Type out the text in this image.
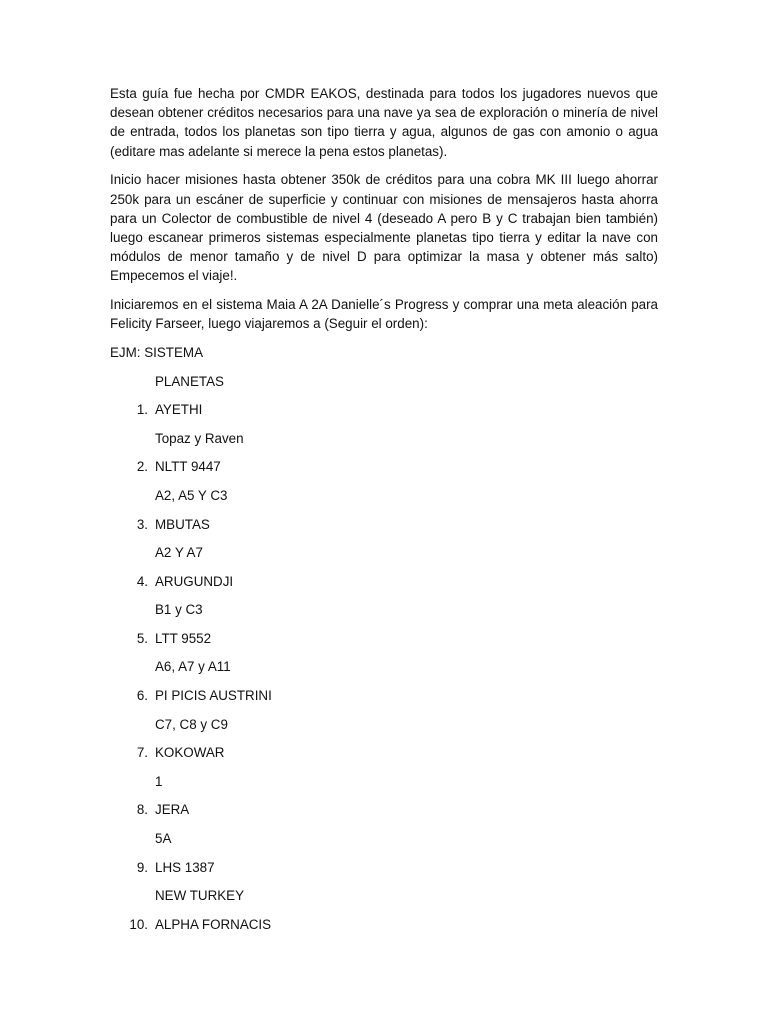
Esta guía fue hecha por CMDR EAKOS, destinada para todos los jugadores nuevos que desean obtener créditos necesarios para una nave ya sea de exploración o minería de nivel de entrada, todos los planetas son tipo tierra y agua, algunos de gas con amonio o agua (editare mas adelante si merece la pena estos planetas).

Inicio hacer misiones hasta obtener 350k de créditos para una cobra MK III luego ahorrar 250k para un escáner de superficie y continuar con misiones de mensajeros hasta ahorra para un Colector de combustible de nivel 4 (deseado A pero B y C trabajan bien también) luego escanear primeros sistemas especialmente planetas tipo tierra y editar la nave con módulos de menor tamaño y de nivel D para optimizar la masa y obtener más salto) Empecemos el viaje!.

Iniciaremos en el sistema Maia A 2A Danielle´s Progress y comprar una meta aleación para Felicity Farseer, luego viajaremos a (Seguir el orden):

EJM: SISTEMA

PLANETAS

1. AYETHI

Topaz y Raven

2. NLTT 9447

A2, A5 Y C3

3. MBUTAS

A2 Y A7

4. ARUGUNDJI

B1 y C3

5. LTT 9552

A6, A7 y A11

6. PI PICIS AUSTRINI

C7, C8 y C9

7. KOKOWAR

1

8. JERA

5A

9. LHS 1387

NEW TURKEY

10. ALPHA FORNACIS
